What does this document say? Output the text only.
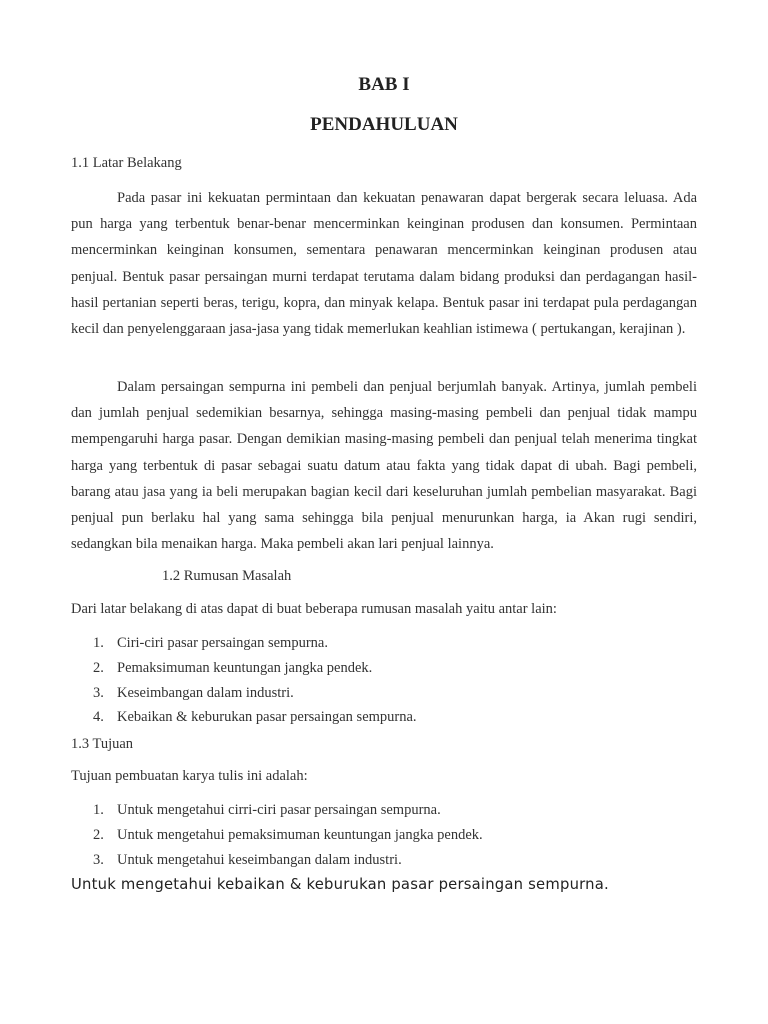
BAB I
PENDAHULUAN
1.1 Latar Belakang
Pada pasar ini kekuatan permintaan dan kekuatan penawaran dapat bergerak secara leluasa. Ada pun harga yang terbentuk benar-benar mencerminkan keinginan produsen dan konsumen. Permintaan mencerminkan keinginan konsumen, sementara penawaran mencerminkan keinginan produsen atau penjual. Bentuk pasar persaingan murni terdapat terutama dalam bidang produksi dan perdagangan hasil-hasil pertanian seperti beras, terigu, kopra, dan minyak kelapa. Bentuk pasar ini terdapat pula perdagangan kecil dan penyelenggaraan jasa-jasa yang tidak memerlukan keahlian istimewa ( pertukangan, kerajinan ).
Dalam persaingan sempurna ini pembeli dan penjual berjumlah banyak. Artinya, jumlah pembeli dan jumlah penjual sedemikian besarnya, sehingga masing-masing pembeli dan penjual tidak mampu mempengaruhi harga pasar. Dengan demikian masing-masing pembeli dan penjual telah menerima tingkat harga yang terbentuk di pasar sebagai suatu datum atau fakta yang tidak dapat di ubah. Bagi pembeli, barang atau jasa yang ia beli merupakan bagian kecil dari keseluruhan jumlah pembelian masyarakat. Bagi penjual pun berlaku hal yang sama sehingga bila penjual menurunkan harga, ia Akan rugi sendiri, sedangkan bila menaikan harga. Maka pembeli akan lari penjual lainnya.
1.2 Rumusan Masalah
Dari latar belakang di atas dapat di buat beberapa rumusan masalah yaitu antar lain:
1. Ciri-ciri pasar persaingan sempurna.
2. Pemaksimuman keuntungan jangka pendek.
3. Keseimbangan dalam industri.
4. Kebaikan & keburukan pasar persaingan sempurna.
1.3 Tujuan
Tujuan pembuatan karya tulis ini adalah:
1. Untuk mengetahui cirri-ciri pasar persaingan sempurna.
2. Untuk mengetahui pemaksimuman keuntungan jangka pendek.
3. Untuk mengetahui keseimbangan dalam industri.
Untuk mengetahui kebaikan & keburukan pasar persaingan sempurna.
